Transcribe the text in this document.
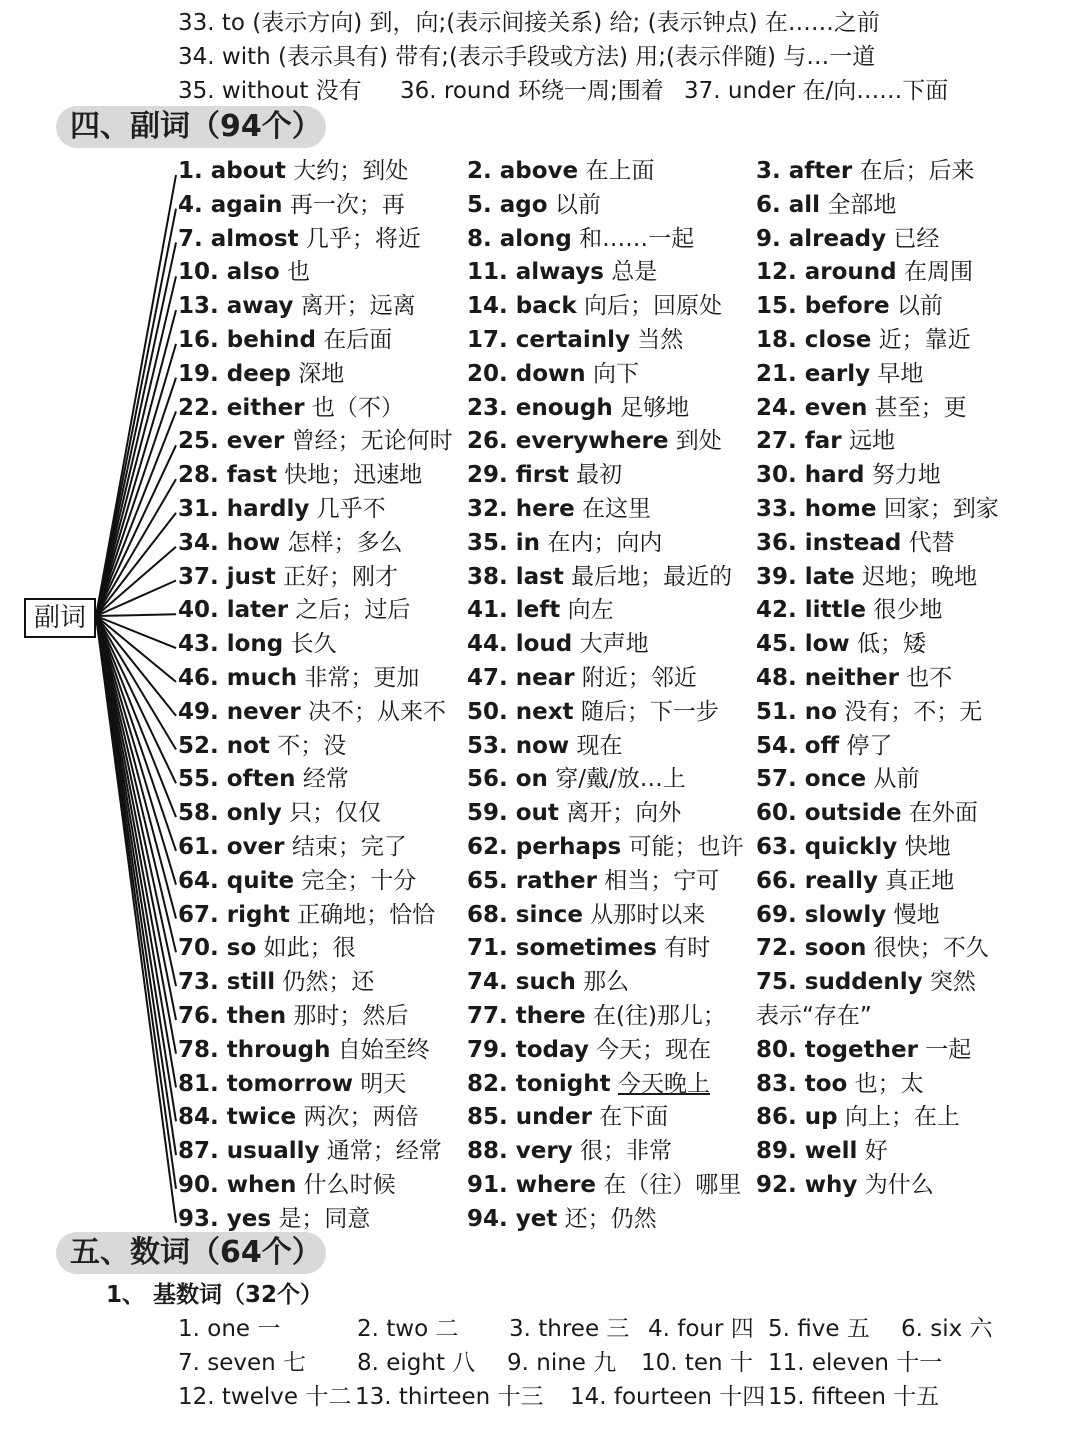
33. to (表示方向) 到，向;(表示间接关系) 给; (表示钟点) 在……之前
34. with (表示具有) 带有;(表示手段或方法) 用;(表示伴随) 与…一道
35. without 没有 36. round 环绕一周;围着 37. under 在/向……下面
四、副词（94个）
副词
1. about 大约；到处	2. above 在上面	3. after 在后；后来
4. again 再一次；再	5. ago 以前	6. all 全部地
7. almost 几乎；将近 8. along 和……一起	9. already 已经
10. also 也	11. always 总是	12. around 在周围
13. away 离开；远离 14. back 向后；回原处 15. before 以前
16. behind 在后面	17. certainly 当然	18. close 近；靠近
19. deep 深地	20. down 向下	21. early 早地
22. either 也（不）	23. enough 足够地	24. even 甚至；更
25. ever 曾经；无论何时 26. everywhere 到处 27. far 远地
28. fast 快地；迅速地 29. first 最初	30. hard 努力地
31. hardly 几乎不	32. here 在这里	33. home 回家；到家
34. how 怎样；多么	35. in 在内；向内	36. instead 代替
37. just 正好；刚才	38. last 最后地；最近的 39. late 迟地；晚地
40. later 之后；过后 41. left 向左	42. little 很少地
43. long 长久	44. loud 大声地	45. low 低；矮
46. much 非常；更加 47. near 附近；邻近	48. neither 也不
49. never 决不；从来不 50. next 随后；下一步 51. no 没有；不；无
52. not 不；没	53. now 现在	54. off 停了
55. often 经常	56. on 穿/戴/放…上	57. once 从前
58. only 只；仅仅	59. out 离开；向外	60. outside 在外面
61. over 结束；完了	62. perhaps 可能；也许 63. quickly 快地
64. quite 完全；十分 65. rather 相当；宁可 66. really 真正地
67. right 正确地；恰恰 68. since 从那时以来 69. slowly 慢地
70. so 如此；很	71. sometimes 有时 72. soon 很快；不久
73. still 仍然；还	74. such 那么	75. suddenly 突然
76. then 那时；然后	77. there 在(往)那儿； 表示“存在”
78. through 自始至终 79. today 今天；现在 80. together 一起
81. tomorrow 明天	82. tonight 今天晚上 83. too 也；太
84. twice 两次；两倍 85. under 在下面	86. up 向上；在上
87. usually 通常；经常 88. very 很；非常	89. well 好
90. when 什么时候	91. where 在（往）哪里 92. why 为什么
93. yes 是；同意	94. yet 还；仍然
五、数词（64个）
1、 基数词（32个）
1. one 一	2. two 二 3. three 三 4. four 四 5. five 五 6. six 六
7. seven 七 8. eight 八 9. nine 九 10. ten 十 11. eleven 十一
12. twelve 十二 13. thirteen 十三 14. fourteen 十四 15. fifteen 十五
